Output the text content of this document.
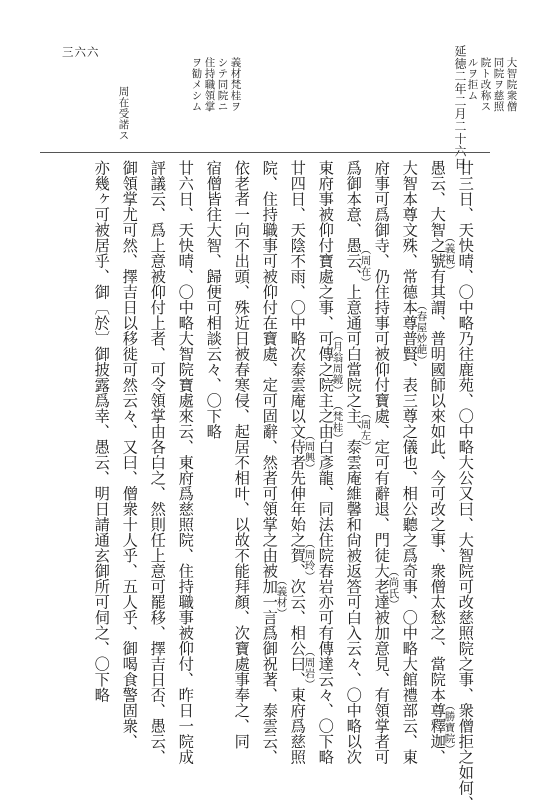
三六六	延徳二年二月二十六日	大智院衆僧
同院ヲ慈照
院ト改称ス
ルヲ拒ム
義材梵桂ヲ
シテ同院ニ
住持職領掌
ヲ勧メシム
周在受諾ス
廿三日、天快晴、〇中略乃往鹿苑、〇中略大公又曰、大智院可改慈照院之事、衆僧拒之如何、
愚云、大智之號有其謂、普明國師以來如此、今可改之事、衆僧太愁之、當院本尊釋迦、
大智本尊文殊、常德本尊普賢、表三尊之儀也、相公聽之爲奇事、〇中略大館禮部云、東
府事可爲御寺、仍住持事可被仰付寶處、定可有辭退、門徒大老達被加意見、有領掌者可
爲御本意、愚云、上意通可白當院之主、泰雲庵維馨和尙被返答可白入云々、〇中略以次
東府事被仰付寶處之事、可傳之院主之由白彥龍、同法住院春岩亦可有傳達云々、〇下略
廿四日、天陰不雨、〇中略次泰雲庵以文侍者先伸年始之賀、次云、相公曰、東府爲慈照
院、住持職事可被仰付在寶處、定可固辭、然者可領掌之由被加一言爲御祝著、泰雲云、
依老者一向不出頭、殊近日被春寒侵、起居不相叶、以故不能拜顏、次寶處事奉之、同
宿僧皆往大智、歸便可相談云々、〇下略
廿六日、天快晴、〇中略大智院寶處來云、東府爲慈照院、住持職事被仰付、昨日一院成
評議云、爲上意被仰付上者、可令領掌由各白之、然則任上意可罷移、擇吉日否、愚云、
御領掌尤可然、擇吉日以移徙可然云々、又曰、僧衆十人乎、五人乎、御喝食警固衆、
亦幾ヶ可被居乎、御〔於〕御披露爲幸、愚云、明日請通玄御所可伺之、〇下略	（義視）
（春屋妙葩）
（尚氏）
（周在）
（勝寶院）
（周左）
（月翁周鏡）
（梵桂）
（周興）
（周玲）
（周岩）
（義材）
